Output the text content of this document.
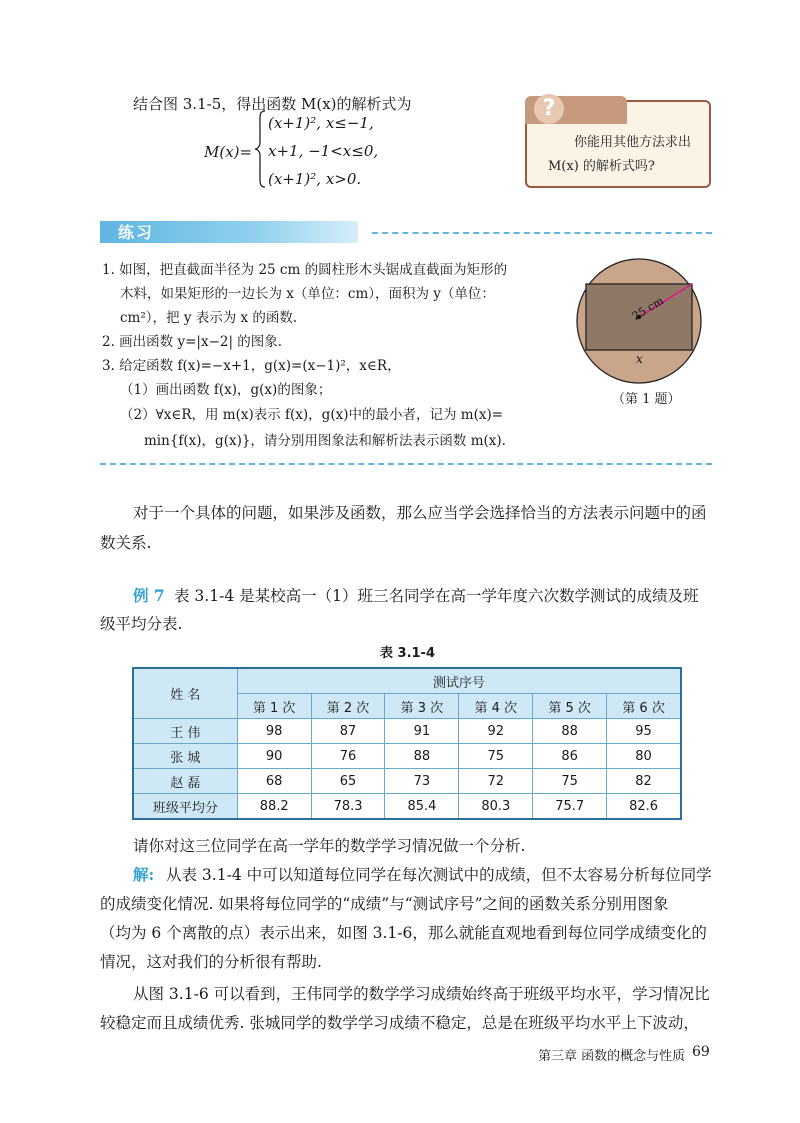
结合图 3.1-5，得出函数 M(x)的解析式为
M(x)=
(x+1)², x≤−1,
x+1, −1<x≤0,
(x+1)², x>0.
?
你能用其他方法求出
M(x) 的解析式吗?
练习
1. 如图，把直截面半径为 25 cm 的圆柱形木头锯成直截面为矩形的
木料，如果矩形的一边长为 x（单位：cm），面积为 y（单位：
cm²），把 y 表示为 x 的函数.
2. 画出函数 y=|x−2| 的图象.
3. 给定函数 f(x)=−x+1，g(x)=(x−1)²，x∈R，
（1）画出函数 f(x)，g(x)的图象；
（2）∀x∈R，用 m(x)表示 f(x)，g(x)中的最小者，记为 m(x)=
min{f(x)，g(x)}，请分别用图象法和解析法表示函数 m(x).
25 cm
x
（第 1 题）
对于一个具体的问题，如果涉及函数，那么应当学会选择恰当的方法表示问题中的函
数关系.
例 7 表 3.1-4 是某校高一（1）班三名同学在高一学年度六次数学测试的成绩及班
级平均分表.
表 3.1-4
姓 名	测试序号					
	第 1 次	第 2 次	第 3 次	第 4 次	第 5 次	第 6 次
王 伟	98	87	91	92	88	95
张 城	90	76	88	75	86	80
赵 磊	68	65	73	72	75	82
班级平均分	88.2	78.3	85.4	80.3	75.7	82.6
请你对这三位同学在高一学年的数学学习情况做一个分析.
解: 从表 3.1-4 中可以知道每位同学在每次测试中的成绩，但不太容易分析每位同学
的成绩变化情况. 如果将每位同学的“成绩”与“测试序号”之间的函数关系分别用图象
（均为 6 个离散的点）表示出来，如图 3.1-6，那么就能直观地看到每位同学成绩变化的
情况，这对我们的分析很有帮助.
从图 3.1-6 可以看到，王伟同学的数学学习成绩始终高于班级平均水平，学习情况比
较稳定而且成绩优秀. 张城同学的数学学习成绩不稳定，总是在班级平均水平上下波动，
第三章 函数的概念与性质 69
